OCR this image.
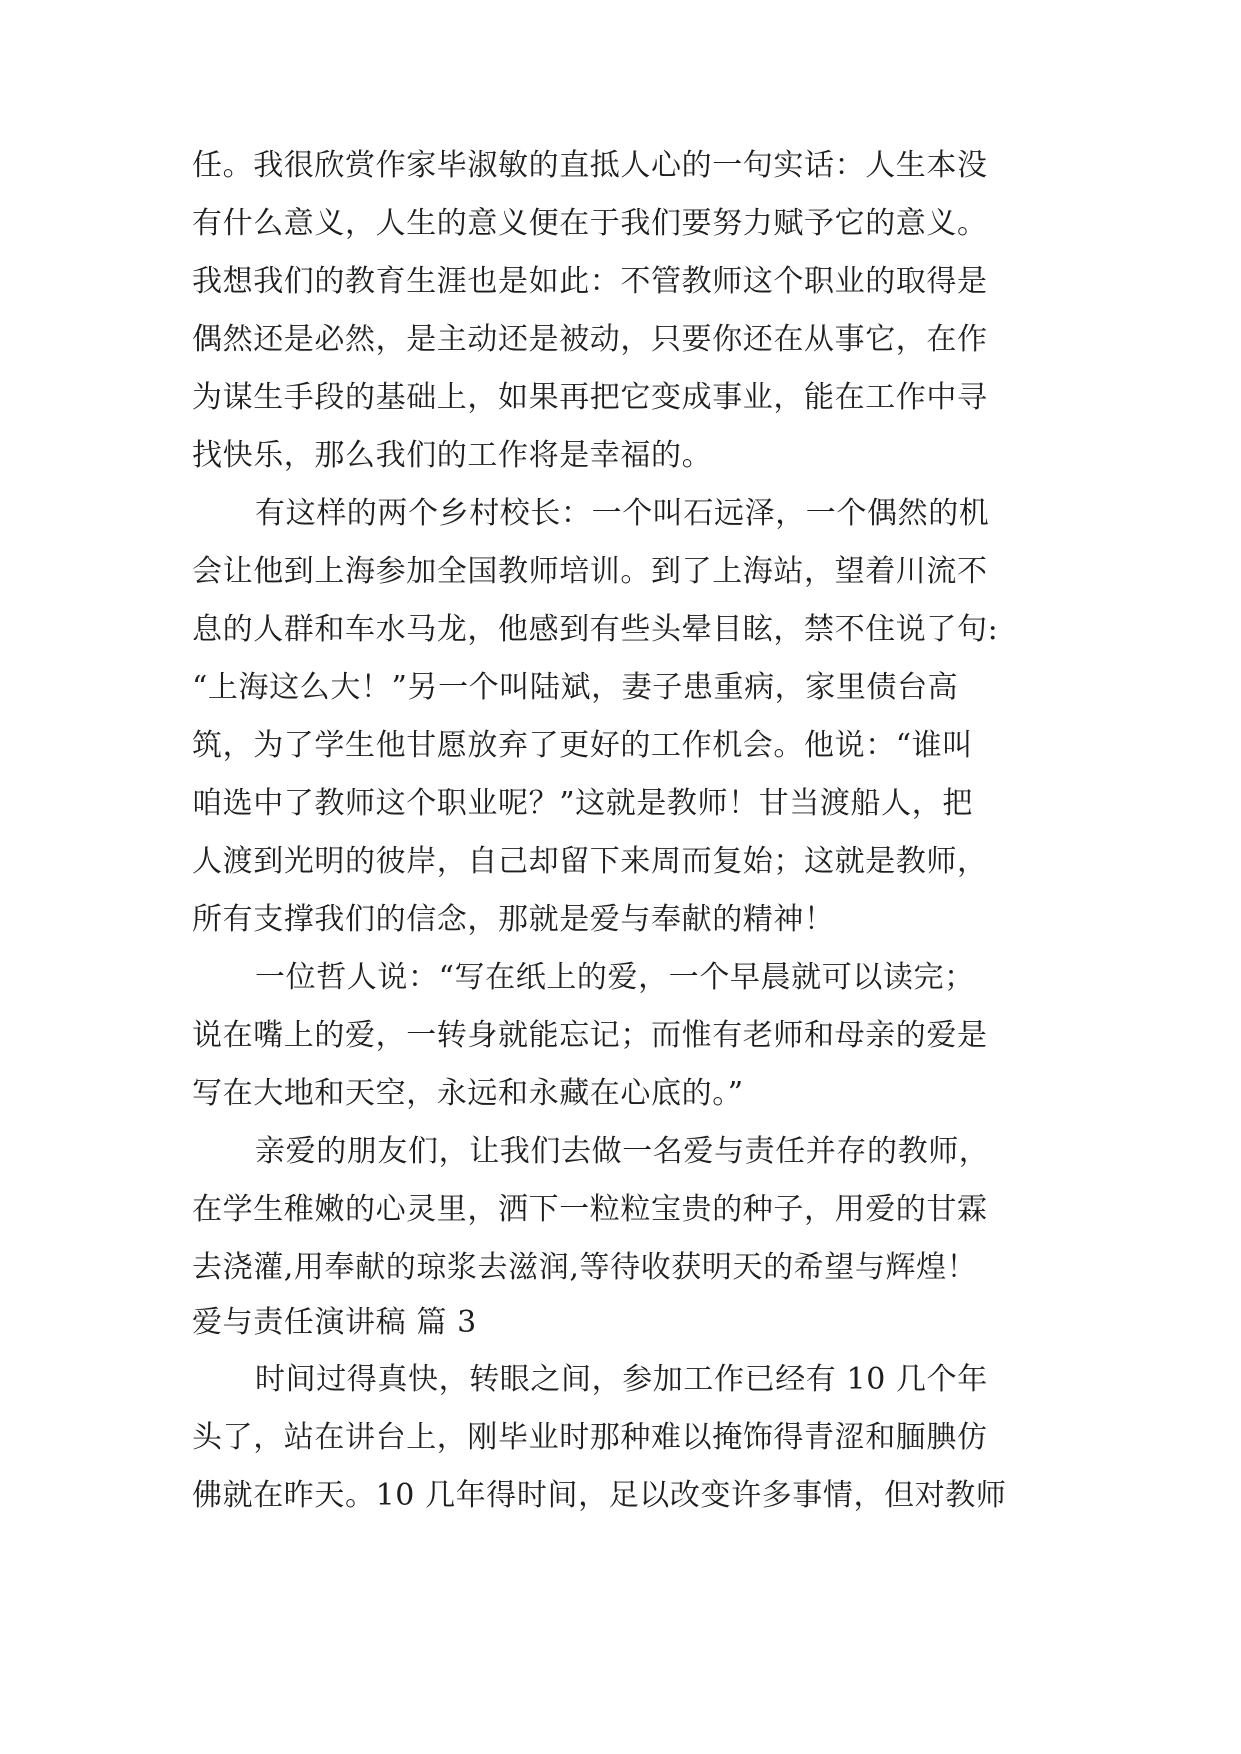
任。我很欣赏作家毕淑敏的直抵人心的一句实话：人生本没
有什么意义，人生的意义便在于我们要努力赋予它的意义。
我想我们的教育生涯也是如此：不管教师这个职业的取得是
偶然还是必然，是主动还是被动，只要你还在从事它，在作
为谋生手段的基础上，如果再把它变成事业，能在工作中寻
找快乐，那么我们的工作将是幸福的。
有这样的两个乡村校长：一个叫石远泽，一个偶然的机
会让他到上海参加全国教师培训。到了上海站，望着川流不
息的人群和车水马龙，他感到有些头晕目眩，禁不住说了句:
“上海这么大！”另一个叫陆斌，妻子患重病，家里债台高
筑，为了学生他甘愿放弃了更好的工作机会。他说：“谁叫
咱选中了教师这个职业呢？”这就是教师！甘当渡船人，把
人渡到光明的彼岸，自己却留下来周而复始；这就是教师，
所有支撑我们的信念，那就是爱与奉献的精神！
一位哲人说：“写在纸上的爱，一个早晨就可以读完；
说在嘴上的爱，一转身就能忘记；而惟有老师和母亲的爱是
写在大地和天空，永远和永藏在心底的。”
亲爱的朋友们，让我们去做一名爱与责任并存的教师，
在学生稚嫩的心灵里，洒下一粒粒宝贵的种子，用爱的甘霖
去浇灌,用奉献的琼浆去滋润,等待收获明天的希望与辉煌！
爱与责任演讲稿 篇 3
时间过得真快，转眼之间，参加工作已经有 10 几个年
头了，站在讲台上，刚毕业时那种难以掩饰得青涩和腼腆仿
佛就在昨天。10 几年得时间，足以改变许多事情，但对教师
